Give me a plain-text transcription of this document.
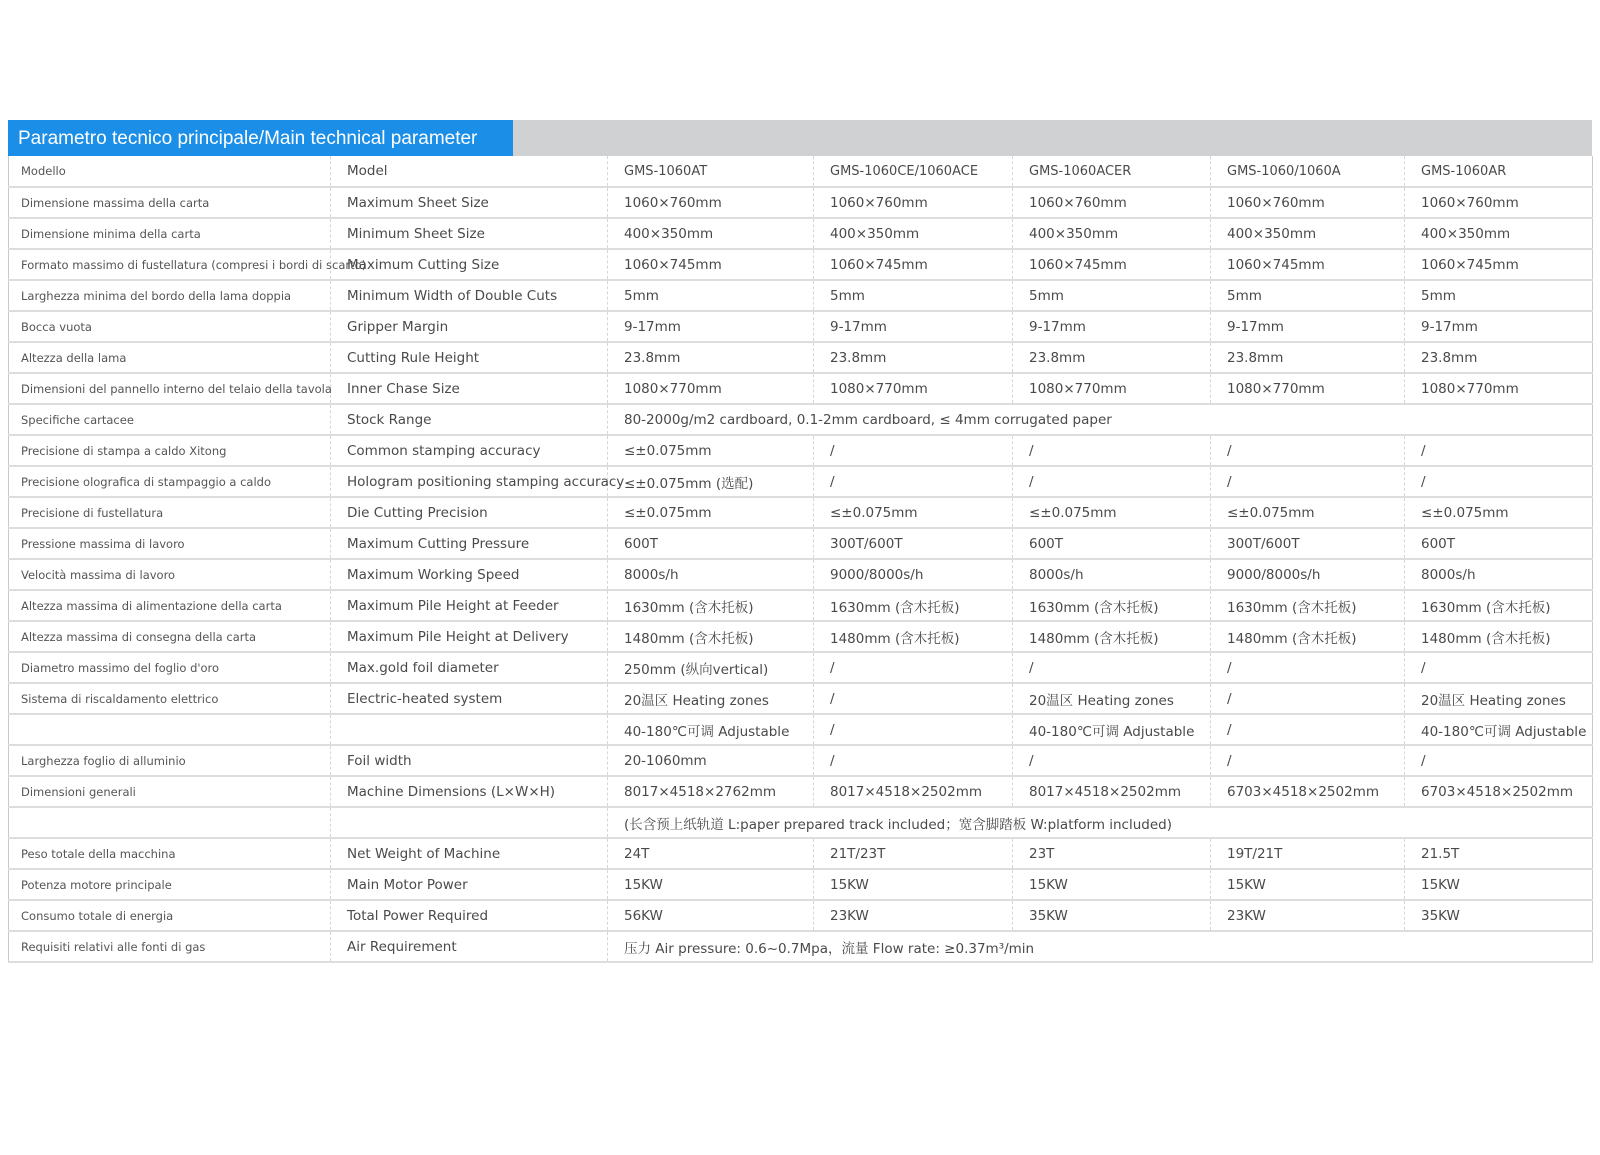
Parametro tecnico principale/Main technical parameter
Modello	Model	GMS-1060AT	GMS-1060CE/1060ACE	GMS-1060ACER	GMS-1060/1060A	GMS-1060AR
Dimensione massima della carta	Maximum Sheet Size	1060×760mm	1060×760mm	1060×760mm	1060×760mm	1060×760mm
Dimensione minima della carta	Minimum Sheet Size	400×350mm	400×350mm	400×350mm	400×350mm	400×350mm
Formato massimo di fustellatura (compresi i bordi di scarto)	Maximum Cutting Size	1060×745mm	1060×745mm	1060×745mm	1060×745mm	1060×745mm
Larghezza minima del bordo della lama doppia	Minimum Width of Double Cuts	5mm	5mm	5mm	5mm	5mm
Bocca vuota	Gripper Margin	9-17mm	9-17mm	9-17mm	9-17mm	9-17mm
Altezza della lama	Cutting Rule Height	23.8mm	23.8mm	23.8mm	23.8mm	23.8mm
Dimensioni del pannello interno del telaio della tavola	Inner Chase Size	1080×770mm	1080×770mm	1080×770mm	1080×770mm	1080×770mm
Specifiche cartacee	Stock Range	80-2000g/m2 cardboard, 0.1-2mm cardboard, ≤ 4mm corrugated paper				
Precisione di stampa a caldo Xitong	Common stamping accuracy	≤±0.075mm	/	/	/	/
Precisione olografica di stampaggio a caldo	Hologram positioning stamping accuracy	≤±0.075mm (选配)	/	/	/	/
Precisione di fustellatura	Die Cutting Precision	≤±0.075mm	≤±0.075mm	≤±0.075mm	≤±0.075mm	≤±0.075mm
Pressione massima di lavoro	Maximum Cutting Pressure	600T	300T/600T	600T	300T/600T	600T
Velocità massima di lavoro	Maximum Working Speed	8000s/h	9000/8000s/h	8000s/h	9000/8000s/h	8000s/h
Altezza massima di alimentazione della carta	Maximum Pile Height at Feeder	1630mm (含木托板)	1630mm (含木托板)	1630mm (含木托板)	1630mm (含木托板)	1630mm (含木托板)
Altezza massima di consegna della carta	Maximum Pile Height at Delivery	1480mm (含木托板)	1480mm (含木托板)	1480mm (含木托板)	1480mm (含木托板)	1480mm (含木托板)
Diametro massimo del foglio d'oro	Max.gold foil diameter	250mm (纵向vertical)	/	/	/	/
Sistema di riscaldamento elettrico	Electric-heated system	20温区 Heating zones	/	20温区 Heating zones	/	20温区 Heating zones
		40-180℃可调 Adjustable	/	40-180℃可调 Adjustable	/	40-180℃可调 Adjustable
Larghezza foglio di alluminio	Foil width	20-1060mm	/	/	/	/
Dimensioni generali	Machine Dimensions (L×W×H)	8017×4518×2762mm	8017×4518×2502mm	8017×4518×2502mm	6703×4518×2502mm	6703×4518×2502mm
		(长含预上纸轨道 L:paper prepared track included；宽含脚踏板 W:platform included)				
Peso totale della macchina	Net Weight of Machine	24T	21T/23T	23T	19T/21T	21.5T
Potenza motore principale	Main Motor Power	15KW	15KW	15KW	15KW	15KW
Consumo totale di energia	Total Power Required	56KW	23KW	35KW	23KW	35KW
Requisiti relativi alle fonti di gas	Air Requirement	压力 Air pressure: 0.6~0.7Mpa，流量 Flow rate: ≥0.37m³/min				
